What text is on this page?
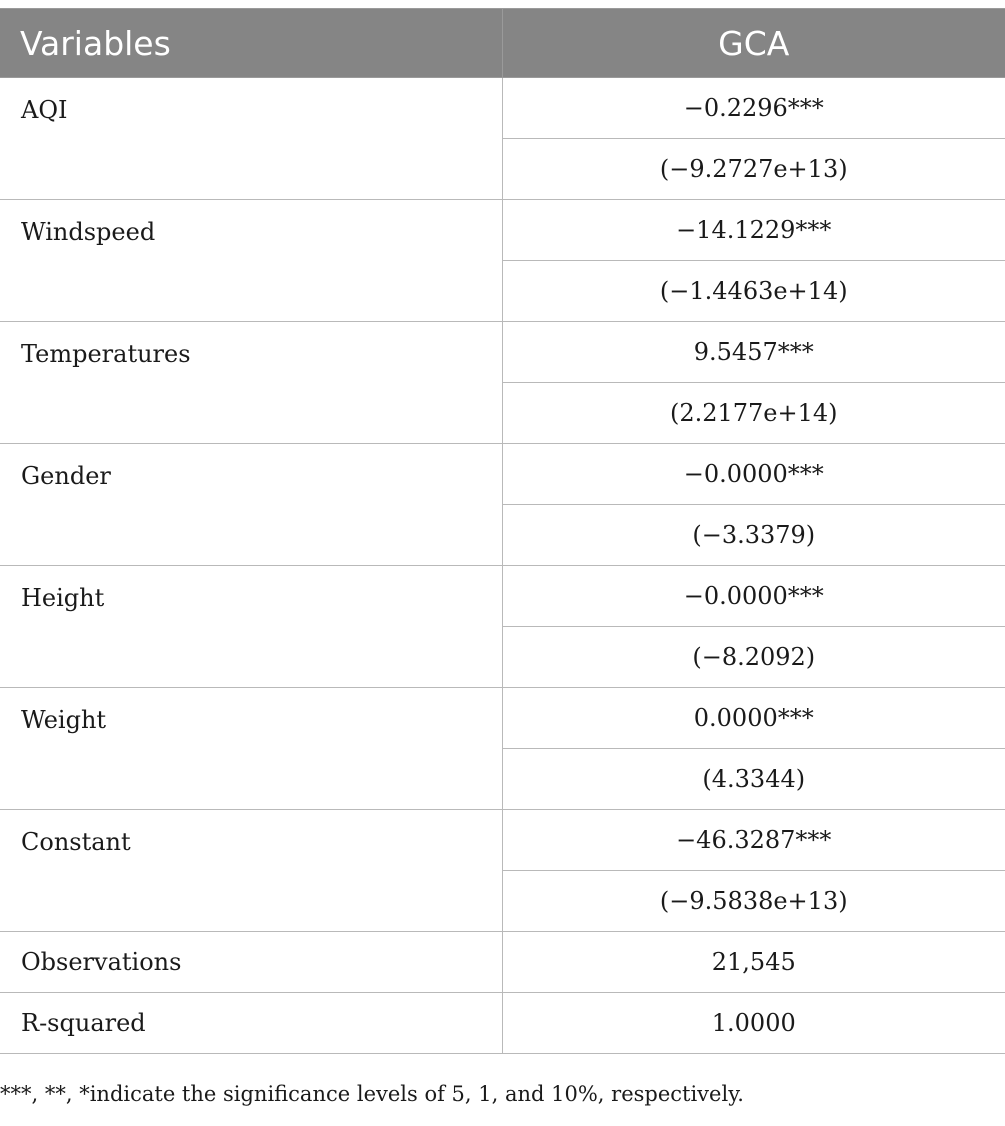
Variables	GCA
AQI	−0.2296***
	(−9.2727e+13)
Windspeed	−14.1229***
	(−1.4463e+14)
Temperatures	9.5457***
	(2.2177e+14)
Gender	−0.0000***
	(−3.3379)
Height	−0.0000***
	(−8.2092)
Weight	0.0000***
	(4.3344)
Constant	−46.3287***
	(−9.5838e+13)
Observations	21,545
R-squared	1.0000
***, **, *indicate the significance levels of 5, 1, and 10%, respectively.
